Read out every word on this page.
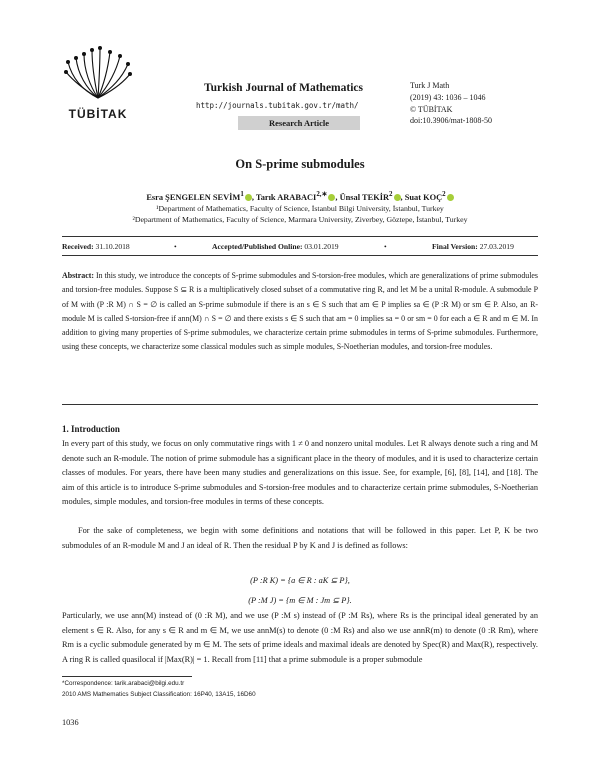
TÜBİTAK
Turkish Journal of Mathematics
http://journals.tubitak.gov.tr/math/
Research Article
Turk J Math
(2019) 43: 1036 – 1046
© TÜBİTAK
doi:10.3906/mat-1808-50
On S-prime submodules
Esra ŞENGELEN SEVİM$^1$ , Tarık $ARABACI^{2,∗}$ , Ünsal TEKİR$^2$ , Suat KOÇ$^2$
¹Department of Mathematics, Faculty of Science, İstanbul Bilgi University, İstanbul, Turkey
²Department of Mathematics, Faculty of Science, Marmara University, Ziverbey, Göztepe, İstanbul, Turkey
Received: 31.10.2018	•	Accepted/Published Online: 03.01.2019	•	Final Version: 27.03.2019
Abstract: In this study, we introduce the concepts of S-prime submodules and S-torsion-free modules, which are generalizations of prime submodules and torsion-free modules. Suppose S ⊆ R is a multiplicatively closed subset of a commutative ring R, and let M be a unital R-module. A submodule P of M with (P :R M) ∩ S = ∅ is called an S-prime submodule if there is an s ∈ S such that am ∈ P implies sa ∈ (P :R M) or sm ∈ P. Also, an R-module M is called S-torsion-free if ann(M) ∩ S = ∅ and there exists s ∈ S such that am = 0 implies sa = 0 or sm = 0 for each a ∈ R and m ∈ M. In addition to giving many properties of S-prime submodules, we characterize certain prime submodules in terms of S-prime submodules. Furthermore, using these concepts, we characterize some classical modules such as simple modules, S-Noetherian modules, and torsion-free modules.
1. Introduction
In every part of this study, we focus on only commutative rings with 1 ≠ 0 and nonzero unital modules. Let R always denote such a ring and M denote such an R-module. The notion of prime submodule has a significant place in the theory of modules, and it is used to characterize certain classes of modules. For years, there have been many studies and generalizations on this issue. See, for example, [6], [8], [14], and [18]. The aim of this article is to introduce S-prime submodules and S-torsion-free modules and to characterize certain prime submodules, S-Noetherian modules, simple modules, and torsion-free modules in terms of these concepts.
For the sake of completeness, we begin with some definitions and notations that will be followed in this paper. Let P, K be two submodules of an R-module M and J an ideal of R. Then the residual P by K and J is defined as follows:
(P :R K) = {a ∈ R : aK ⊆ P},
(P :M J) = {m ∈ M : Jm ⊆ P}.
Particularly, we use ann(M) instead of (0 :R M), and we use (P :M s) instead of (P :M Rs), where Rs is the principal ideal generated by an element s ∈ R. Also, for any s ∈ R and m ∈ M, we use annM(s) to denote (0 :M Rs) and also we use annR(m) to denote (0 :R Rm), where Rm is a cyclic submodule generated by m ∈ M. The sets of prime ideals and maximal ideals are denoted by Spec(R) and Max(R), respectively. A ring R is called quasilocal if |Max(R)| = 1. Recall from [11] that a prime submodule is a proper submodule
*Correspondence: tarik.arabaci@bilgi.edu.tr
2010 AMS Mathematics Subject Classification: 16P40, 13A15, 16D60
1036
